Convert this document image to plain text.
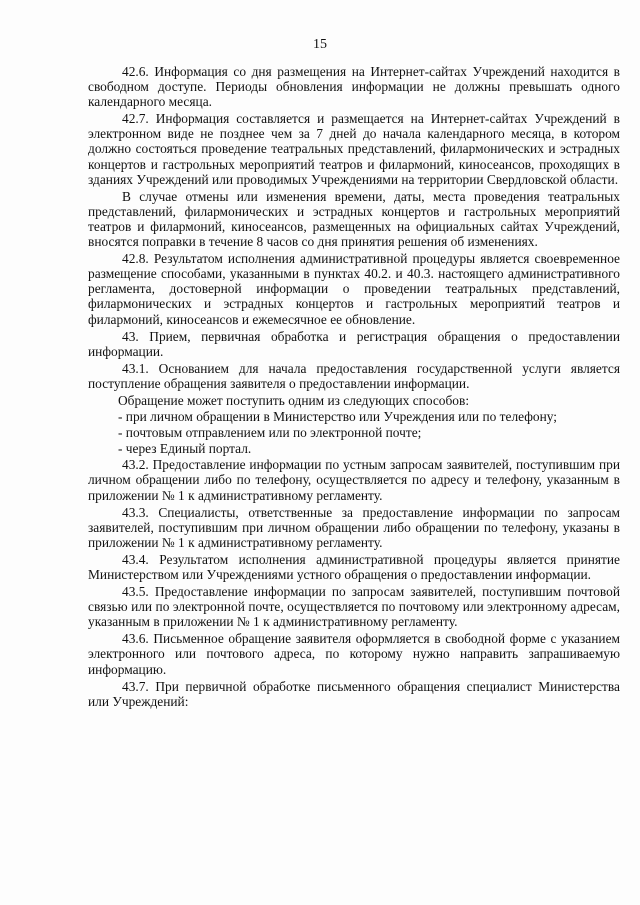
15

42.6. Информация со дня размещения на Интернет-сайтах Учреждений находится в свободном доступе. Периоды обновления информации не должны превышать одного календарного месяца.

42.7. Информация составляется и размещается на Интернет-сайтах Учреждений в электронном виде не позднее чем за 7 дней до начала календарного месяца, в котором должно состояться проведение театральных представлений, филармонических и эстрадных концертов и гастрольных мероприятий театров и филармоний, киносеансов, проходящих в зданиях Учреждений или проводимых Учреждениями на территории Свердловской области.

В случае отмены или изменения времени, даты, места проведения театральных представлений, филармонических и эстрадных концертов и гастрольных мероприятий театров и филармоний, киносеансов, размещенных на официальных сайтах Учреждений, вносятся поправки в течение 8 часов со дня принятия решения об изменениях.

42.8. Результатом исполнения административной процедуры является своевременное размещение способами, указанными в пунктах 40.2. и 40.3. настоящего административного регламента, достоверной информации о проведении театральных представлений, филармонических и эстрадных концертов и гастрольных мероприятий театров и филармоний, киносеансов и ежемесячное ее обновление.

43. Прием, первичная обработка и регистрация обращения о предоставлении информации.

43.1. Основанием для начала предоставления государственной услуги является поступление обращения заявителя о предоставлении информации.

Обращение может поступить одним из следующих способов:

- при личном обращении в Министерство или Учреждения или по телефону;

- почтовым отправлением или по электронной почте;

- через Единый портал.

43.2. Предоставление информации по устным запросам заявителей, поступившим при личном обращении либо по телефону, осуществляется по адресу и телефону, указанным в приложении № 1 к административному регламенту.

43.3. Специалисты, ответственные за предоставление информации по запросам заявителей, поступившим при личном обращении либо обращении по телефону, указаны в приложении № 1 к административному регламенту.

43.4. Результатом исполнения административной процедуры является принятие Министерством или Учреждениями устного обращения о предоставлении информации.

43.5. Предоставление информации по запросам заявителей, поступившим почтовой связью или по электронной почте, осуществляется по почтовому или электронному адресам, указанным в приложении № 1 к административному регламенту.

43.6. Письменное обращение заявителя оформляется в свободной форме с указанием электронного или почтового адреса, по которому нужно направить запрашиваемую информацию.

43.7. При первичной обработке письменного обращения специалист Министерства или Учреждений:
